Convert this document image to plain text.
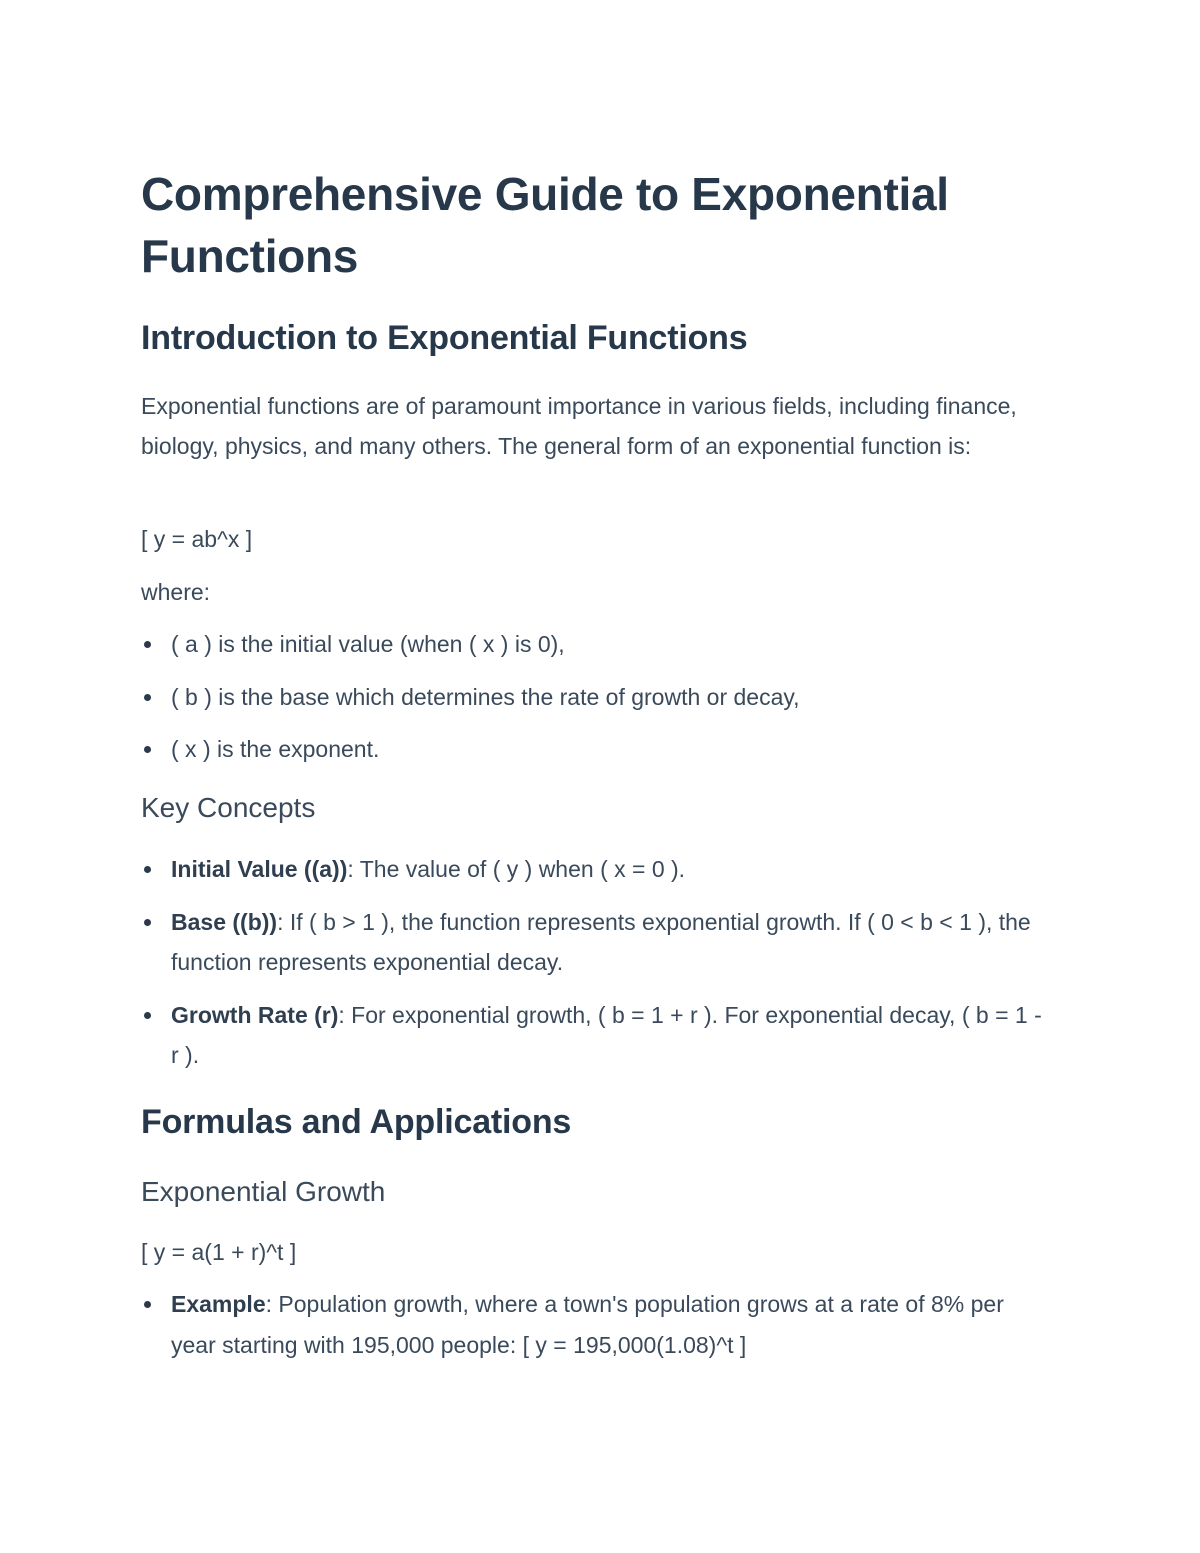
Comprehensive Guide to Exponential Functions
Introduction to Exponential Functions

Exponential functions are of paramount importance in various fields, including finance, biology, physics, and many others. The general form of an exponential function is:

[ y = ab^x ]

where:

( a ) is the initial value (when ( x ) is 0),
( b ) is the base which determines the rate of growth or decay,
( x ) is the exponent.
Key Concepts
Initial Value ((a)): The value of ( y ) when ( x = 0 ).
Base ((b)): If ( b > 1 ), the function represents exponential growth. If ( 0 < b < 1 ), the function represents exponential decay.
Growth Rate (r): For exponential growth, ( b = 1 + r ). For exponential decay, ( b = 1 - r ).
Formulas and Applications
Exponential Growth

[ y = a(1 + r)^t ]

Example: Population growth, where a town's population grows at a rate of 8% per year starting with 195,000 people: [ y = 195,000(1.08)^t ]
